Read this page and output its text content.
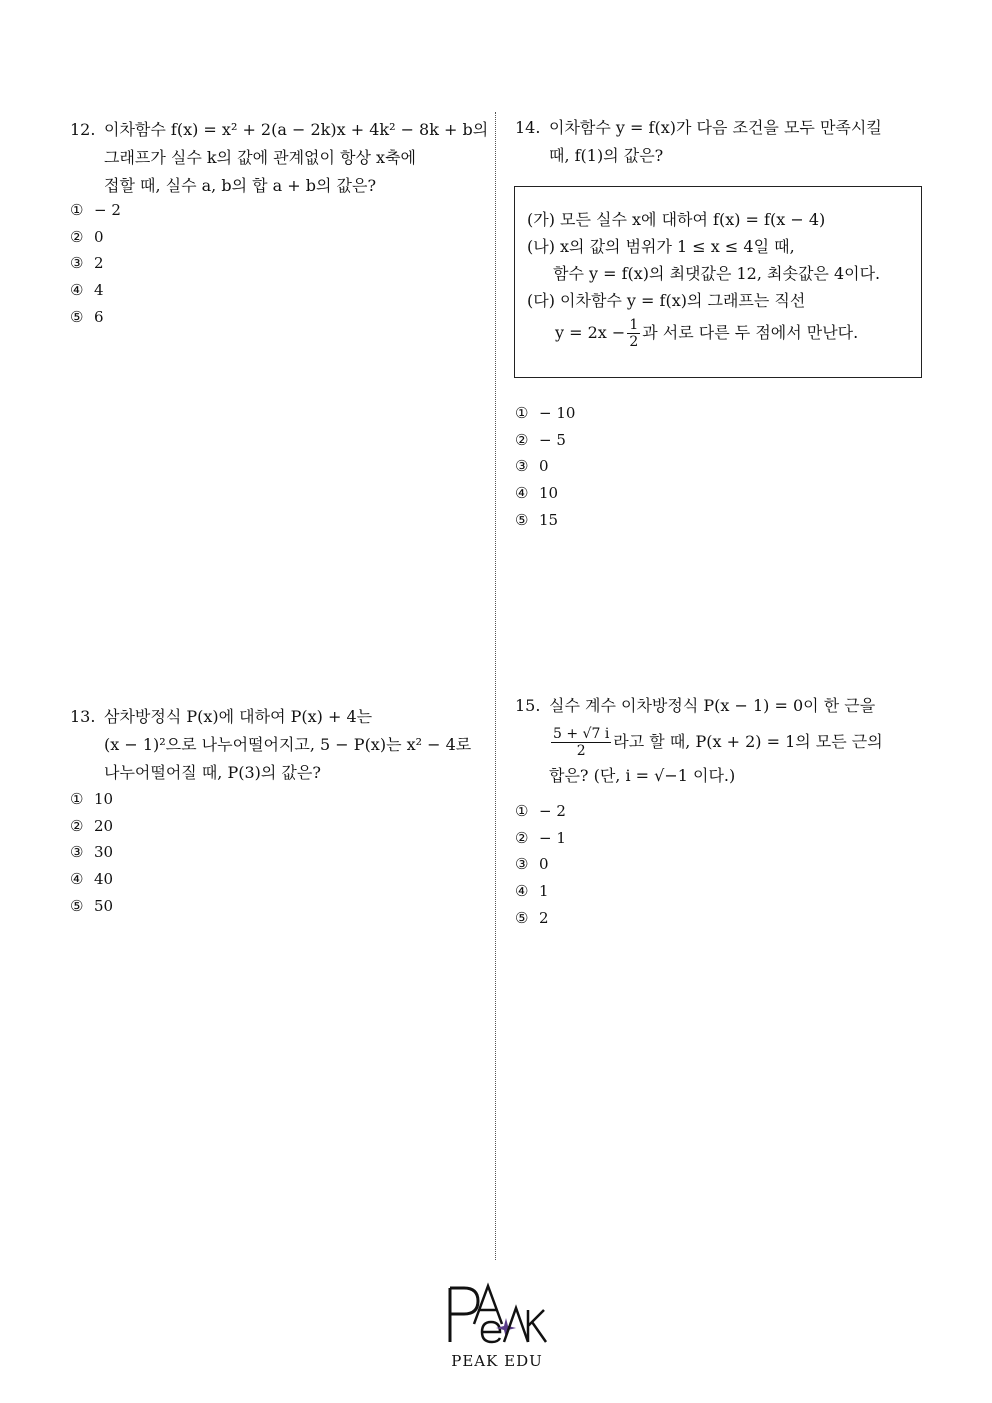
12. 이차함수 f(x) = x² + 2(a − 2k)x + 4k² − 8k + b의
그래프가 실수 k의 값에 관계없이 항상 x축에
접할 때, 실수 a, b의 합 a + b의 값은?
① − 2
② 0
③ 2
④ 4
⑤ 6
13. 삼차방정식 P(x)에 대하여 P(x) + 4는
(x − 1)²으로 나누어떨어지고, 5 − P(x)는 x² − 4로
나누어떨어질 때, P(3)의 값은?
① 10
② 20
③ 30
④ 40
⑤ 50
14. 이차함수 y = f(x)가 다음 조건을 모두 만족시킬
때, f(1)의 값은?
(가) 모든 실수 x에 대하여 f(x) = f(x − 4)
(나) x의 값의 범위가 1 ≤ x ≤ 4일 때,
함수 y = f(x)의 최댓값은 12, 최솟값은 4이다.
(다) 이차함수 y = f(x)의 그래프는 직선
$y = 2x - \frac{1}{2}$ 과 서로 다른 두 점에서 만난다.
① − 10
② − 5
③ 0
④ 10
⑤ 15
15. 실수 계수 이차방정식 P(x − 1) = 0이 한 근을
$\frac{5 + √7 i}{2}$ 라고 할 때, P(x + 2) = 1의 모든 근의
합은? (단, i = √−1 이다.)
① − 2
② − 1
③ 0
④ 1
⑤ 2
PEAK EDU
